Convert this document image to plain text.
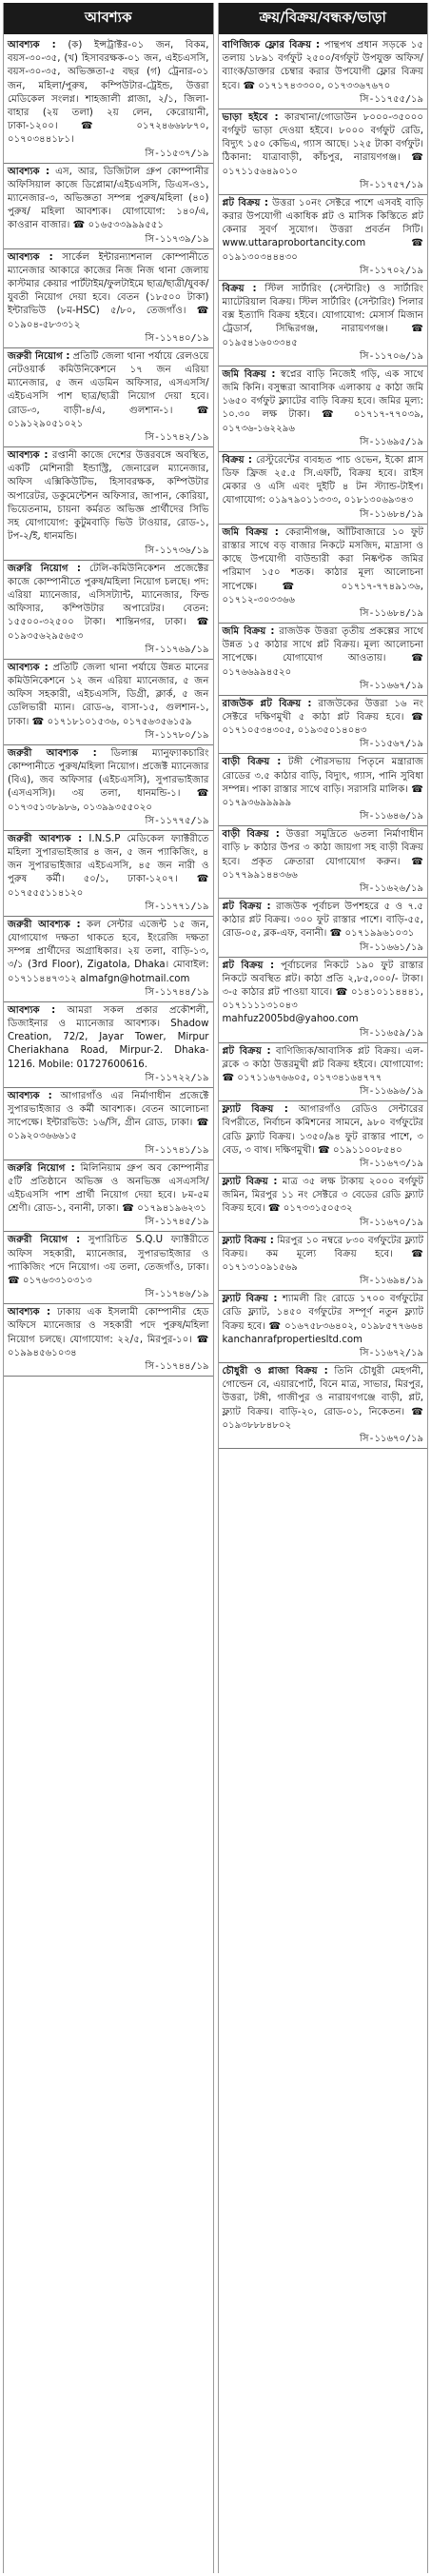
আবশ্যক

আবশ্যক : (ক) ইন্সট্রাক্টর-০১ জন, বিকম, বয়স-৩০-৩৫, (খ) হিসাবরক্ষক-০১ জন, এইচএসসি, বয়স-৩০-৩৫, অভিজ্ঞতা-৫ বছর (গ) ট্রেনার-০১ জন, মহিলা/পুরুষ, কম্পিউটার-ট্রেইন্ড, উত্তরা মেডিকেল সংলগ্ন। শাহজালী প্লাজা, ২/১, জিলা-বাহার (২য় তলা) ২য় লেন, কেরোয়ানী, ঢাকা-১২০০। ☎ ০১৭২৪৬৬৮৮৭০, ০১৭০৩৪৪১৮১।

সি-১১৫৩৭/১৯

আবশ্যক : এস, আর, ডিজিটাল গ্রুপ কোম্পানীর অফিসিয়াল কাজে ডিপ্লোমা/এইচএসসি, ডিএস-ও১, ম্যানেজার-৩, অভিজ্ঞতা সম্পন্ন পুরুষ/মহিলা (৪০) পুরুষ/ মহিলা আবশ্যক। যোগাযোগ: ১৪০/এ, কাওরান বাজার। ☎ ০১৬৫৩৩৯৯৯৫৫১

সি-১১৭৩৯/১৯

আবশ্যক : সার্কেল ইন্টারন্যাশনাল কোম্পানীতে ম্যানেজার আকারে কাজের নিজ নিজ থানা জেলায় কাস্টমার কেয়ার পার্টটাইম/ফুলটাইমে ছাত্র/ছাত্রী/যুবক/যুবতী নিয়োগ দেয়া হবে। বেতন (১৮৫০০ টাকা) ইন্টারভিউ (৮ম-HSC) ৫/৮০, তেজগাঁও। ☎ ০১৯০৪-৫৮৩৩১২

সি-১১৭৪০/১৯

জরুরী নিয়োগ : প্রতিটি জেলা থানা পর্যায়ে রেলওয়ে নেটওয়ার্ক কমিউনিকেশনে ১৭ জন এরিয়া ম্যানেজার, ৫ জন এডমিন অফিসার, এসএসসি/এইচএসসি পাশ ছাত্র/ছাত্রী নিয়োগ দেয়া হবে। রোড-৩, বাড়ী-৪/এ, গুলশান-১। ☎ ০১৯১২৯০৫১০২১

সি-১১৭৪২/১৯

আবশ্যক : রপ্তানী কাজে দেশের উত্তরবঙ্গে অবস্থিত, একটি মেশিনারী ইন্ডাস্ট্রি, জেনারেল ম্যানেজার, অফিস এক্সিকিউটিভ, হিসাবরক্ষক, কম্পিউটার অপারেটর, ডকুমেন্টেশন অফিসার, জাপান, কোরিয়া, ভিয়েতনাম, চায়না কর্মরত অভিজ্ঞ প্রার্থীদের সিভি সহ যোগাযোগ: কুটুমবাড়ি ভিউ টাওয়ার, রোড-১, টপ-২/ই, ধানমন্ডি।

সি-১১৭৩৬/১৯

জরুরি নিয়োগ : টেলি-কমিউনিকেশন প্রজেক্টের কাজে কোম্পানীতে পুরুষ/মহিলা নিয়োগ চলছে। পদ: এরিয়া ম্যানেজার, এসিসট্যান্ট, ম্যানেজার, ফিল্ড অফিসার, কম্পিউটার অপারেটর। বেতন: ১৫৫০০-৩২৫০০ টাকা। শান্তিনগর, ঢাকা। ☎ ০১৯৩৫৬২৯৫৬৫৩

সি-১১৭৬৯/১৯

আবশ্যক : প্রতিটি জেলা থানা পর্যায়ে উন্নত মানের কমিউনিকেশনে ১২ জন এরিয়া ম্যানেজার, ৫ জন অফিস সহকারী, এইচএসসি, ডিগ্রী, ক্লার্ক, ৫ জন ডেলিভারী ম্যান। রোড-৬, বাসা-১৫, গুলশান-১, ঢাকা। ☎ ০১৭১৮১০১৫৩৬, ০১৭৫৬৩৫৬১৫৯

সি-১১৭৮০/১৯

জরুরী আবশ্যক : ডিলাক্স ম্যানুফ্যাকচারিং কোম্পানীতে পুরুষ/মহিলা নিয়োগ। প্রজেক্ট ম্যানেজার (বিএ), জব অফিসার (এইচএসসি), সুপারভাইজার (এসএসসি)। ৩য় তলা, ধানমন্ডি-১। ☎ ০১৭৩৫১৩৮৯৮৬, ০১৩৯৯৩৫৫০২০

সি-১১৭৭৫/১৯

জরুরী আবশ্যক : I.N.S.P মেডিকেল ফ্যাক্টরীতে মহিলা সুপারভাইজার ৪ জন, ৫ জন প্যাকিজিং, ৪ জন সুপারভাইজার এইচএসসি, ৪৫ জন নারী ও পুরুষ কর্মী। ৫০/১, ঢাকা-১২০৭। ☎ ০১৭৫৫৫১১৪১২০

সি-১১৭৭১/১৯

জরুরী আবশ্যক : কল সেন্টার এজেন্ট ১৫ জন, যোগাযোগ দক্ষতা থাকতে হবে, ইংরেজি দক্ষতা সম্পন্ন প্রার্থীদের অগ্রাধিকার। ২য় তলা, বাড়ি-১৩, ৩/১ (3rd Floor), Zigatola, Dhaka। মোবাইল: ০১৭১১৪৪৭৩১২ almafgn@hotmail.com

সি-১১৭৪৪/১৯

আবশ্যক : আমরা সকল প্রকার প্রকৌশলী, ডিজাইনার ও ম্যানেজার আবশ্যক। Shadow Creation, 72/2, Jayar Tower, Mirpur Cheriakhana Road, Mirpur-2. Dhaka-1216. Mobile: 01727600616.

সি-১১৭২২/১৯

আবশ্যক : আগারগাঁও এর নির্মাণাধীন প্রজেক্টে সুপারভাইজার ও কর্মী আবশ্যক। বেতন আলোচনা সাপেক্ষে। ইন্টারভিউ: ১৬/সি, গ্রীন রোড, ঢাকা। ☎ ০১৯২০৩৬৬৬১৫

সি-১১৭৪১/১৯

জরুরি নিয়োগ : মিলিনিয়াম গ্রুপ অব কোম্পানীর ৫টি প্রতিষ্ঠানে অভিজ্ঞ ও অনভিজ্ঞ এসএসসি/এইচএসসি পাশ প্রার্থী নিয়োগ দেয়া হবে। ৮ম-৫ম শ্রেণী। রোড-১, বনানী, ঢাকা। ☎ ০১৭৯৪১৯৬২৩১

সি-১১৭৪৫/১৯

জরুরী নিয়োগ : সুপারিচিত S.Q.U ফ্যাক্টরীতে অফিস সহকারী, ম্যানেজার, সুপারভাইজার ও প্যাকিজিং পদে নিয়োগ। ৩য় তলা, তেজগাঁও, ঢাকা। ☎ ০১৭৬৩৩১০৩১৩

সি-১১৭৪৬/১৯

আবশ্যক : ঢাকায় এক ইসলামী কোম্পানীর হেড অফিসে ম্যানেজার ও সহকারী পদে পুরুষ/মহিলা নিয়োগ চলছে। যোগাযোগ: ২২/৫, মিরপুর-১০। ☎ ০১৯৯৪৫৬১০৩৪

সি-১১৭৪৪/১৯

ক্রয়/বিক্রয়/বন্ধক/ভাড়া

বাণিজ্যিক ফ্লোর বিক্রয় : পান্থপথ প্রধান সড়কে ১৫ তলায় ১৮৯১ বর্গফুট ২৫০০/বর্গফুট উপযুক্ত অফিস/ব্যাংক/ডাক্তার চেম্বার করার উপযোগী ফ্লোর বিক্রয় হবে। ☎ ০১৭১৭৪৩৩০০, ০১৭৩৩৬৭৬৭০

সি-১১৭৫৫/১৯

ভাড়া হইবে : কারখানা/গোডাউন ৮০০০-৩৫০০০ বর্গফুট ভাড়া দেওয়া হইবে। ৮০০০ বর্গফুট রেডি, বিদ্যুৎ ১৫০ কেভিএ, গ্যাস আছে। ১২৫ টাকা বর্গফুট। ঠিকানা: যাত্রাবাড়ী, কাঁচপুর, নারায়ণগঞ্জ। ☎ ০১৭১১৫৬৪৯০১০

সি-১১৭৫৭/১৯

প্লট বিক্রয় : উত্তরা ১০নং সেক্টরে পাশে এসবই বাড়ি করার উপযোগী একাধিক প্লট ও মাসিক কিস্তিতে প্লট কেনার সুবর্ণ সুযোগ। উত্তরা প্রবর্তন সিটি। www.uttaraprobortancity.com ☎ ০১৯১৩০৩৪৪৪৩০

সি-১১৭০২/১৯

বিক্রয় : স্টিল সার্টারিং (সেন্টারিং) ও সার্টারিং ম্যাটেরিয়াল বিক্রয়। স্টিল সার্টারিং (সেন্টারিং) পিলার বক্স ইত্যাদি বিক্রয় হইবে। যোগাযোগ: মেসার্স মিজান ট্রেডার্স, সিদ্ধিরগঞ্জ, নারায়ণগঞ্জ। ☎ ০১৯৫৪১৬০৩৩৪৫

সি-১১৭০৬/১৯

জমি বিক্রয় : স্বপ্নের বাড়ি নিজেই গড়ি, এক সাথে জমি কিনি। বসুন্ধরা আবাসিক এলাকায় ৫ কাঠা জমি ১৬৫০ বর্গফুট ফ্ল্যাটের বাড়ি বিক্রয় হবে। জমির মূল্য: ১০.৩০ লক্ষ টাকা। ☎ ০১৭১৭-৭৭০৩৯, ০১৭৩৬-১৬২২৯৬

সি-১১৬৯৫/১৯

বিক্রয় : রেস্টুরেন্টের ব্যবহৃত পাচ ওভেন, ইকো প্লাস ডিফ ফ্রিজ ২৫.৫ সি.এফটি, বিক্রয় হবে। রাইস মেকার ও এসি এবং দুইটি ৪ টন স্ট্যান্ড-টাইপ। যোগাযোগ: ০১৯৭৯০১১৩৩৩, ০১৮১৩০৬৯৩৪৩

সি-১১৬৮৪/১৯

জমি বিক্রয় : কেরানীগঞ্জ, আঁটিবাজারে ১০ ফুট রাস্তার সাথে বড় বাজার নিকটে মসজিদ, মাদ্রাসা ও কাছে উপযোগী বাউন্ডারী করা নিষ্কণ্টক জমির পরিমাণ ১৫০ শতক। কাঠার মূল্য আলোচনা সাপেক্ষে। ☎ ০১৭১৭-৭৭৪৯১৩৬, ০১৭১২-৩০৩৩৬৬

সি-১১৬৮৪/১৯

জমি বিক্রয় : রাজউক উত্তরা তৃতীয় প্রকল্পের সাথে উন্নত ১৫ কাঠার সাথে প্লট বিক্রয়। মূল্য আলোচনা সাপেক্ষে। যোগাযোগ আওতায়। ☎ ০১৭৬৬৯৯৪৫২০

সি-১১৬৬৭/১৯

রাজউক প্লট বিক্রয় : রাজউকের উত্তরা ১৬ নং সেক্টরে দক্ষিণমুখী ৫ কাঠা প্লট বিক্রয় হবে। ☎ ০১৭১০৫৩৪৩০৫, ০১৯৩৫০১৪০৪৩

সি-১১৫৬৭/১৯

বাড়ী বিক্রয় : টঙ্গী পৌরসভায় পিতৃনে মন্ত্রারাজ রোডের ৩.৫ কাঠার বাড়ি, বিদ্যুৎ, গ্যাস, পানি সুবিধা সম্পন্ন। পাকা রাস্তার সাথে বাড়ি। সরাসরি মালিক। ☎ ০১৭৯৩৬৯৯৯৯৯

সি-১১৬৪৬/১৯

বাড়ী বিক্রয় : উত্তরা সমুদ্রিতে ৬তলা নির্মাণাধীন বাড়ি ৮ কাঠার উপর ৩ কাঠা জায়গা সহ বাড়ী বিক্রয় হবে। প্রকৃত ক্রেতারা যোগাযোগ করুন। ☎ ০১৭৭৯৯১৪৪৩৬৬

সি-১১৬২৬/১৯

প্লট বিক্রয় : রাজউক পূর্বাচল উপশহরে ৫ ও ৭.৫ কাঠার প্লট বিক্রয়। ৩০০ ফুট রাস্তার পাশে। বাড়ি-৫৫, রোড-০৫, ব্লক-এফ, বনানী। ☎ ০১৭১৯৯৬১০৩১

সি-১১৬৬১/১৯

প্লট বিক্রয় : পূর্বাচলের নিকটে ১৯০ ফুট রাস্তার নিকটে অবস্থিত প্লট। কাঠা প্রতি ২,৮৫,০০০/- টাকা। ৩-৫ কাঠার প্লট পাওয়া যাবে। ☎ ০১৪১০১১৪৪৪১, ০১৭১১১১৩১০৪৩ mahfuz2005bd@yahoo.com

সি-১১৬৫৯/১৯

প্লট বিক্রয় : বাণিজ্যিক/আবাসিক প্লট বিক্রয়। এল-ব্লকে ৩ কাঠা উত্তরমুখী প্লট বিক্রয় হইবে। যোগাযোগ: ☎ ০১৭১১৬৭৬৬০৫, ০১৭৩৪১৬৪৭৭৭

সি-১১৬৯৬/১৯

ফ্ল্যাট বিক্রয় : আগারগাঁও রেডিও সেন্টারের বিপরীতে, নির্বাচন কমিশনের সামনে, ৯৮০ বর্গফুটের রেডি ফ্ল্যাট বিক্রয়। ১৩৫০/৯৪ ফুট রাস্তার পাশে, ৩ বেড, ৩ বাথ। দক্ষিণমুখী। ☎ ০১৯১১০০৮৫৪০

সি-১১৬৭৩/১৯

ফ্ল্যাট বিক্রয় : মাত্র ৩৫ লক্ষ টাকায় ২০০০ বর্গফুট জমিন, মিরপুর ১১ নং সেক্টরে ৩ বেডের রেডি ফ্ল্যাট বিক্রয় হবে। ☎ ০১৭৩৩১৫০৫৩২

সি-১১৬৭০/১৯

ফ্ল্যাট বিক্রয় : মিরপুর ১০ নম্বরে ৮৩০ বর্গফুটের ফ্ল্যাট বিক্রয়। কম মূল্যে বিক্রয় হবে। ☎ ০১৭১৩১০৯১৫৬৯

সি-১১৬৯৪/১৯

ফ্ল্যাট বিক্রয় : শ্যামলী রিং রোডে ১৭০০ বর্গফুটের রেডি ফ্ল্যাট, ১৪৫০ বর্গফুটের সম্পূর্ণ নতুন ফ্ল্যাট বিক্রয় হবে। ☎ ০১৬৭৫৮৩৬৪০২, ০১৯৮৫৭৭৬৬৪ kanchanrafpropertiesltd.com

সি-১১৬৭২/১৯

চৌধুরী ও প্লাজা বিক্রয় : তিনি চৌধুরী মেহগনী, গোল্ডেন বে, এয়ারপোর্ট, বিনে মাত্র, সাভার, মিরপুর, উত্তরা, টঙ্গী, গাজীপুর ও নারায়ণগঞ্জে বাড়ী, প্লট, ফ্ল্যাট বিক্রয়। বাড়ি-২০, রোড-০১, নিকেতন। ☎ ০১৯৩৮৮৮৪৮০২

সি-১১৬৭০/১৯
